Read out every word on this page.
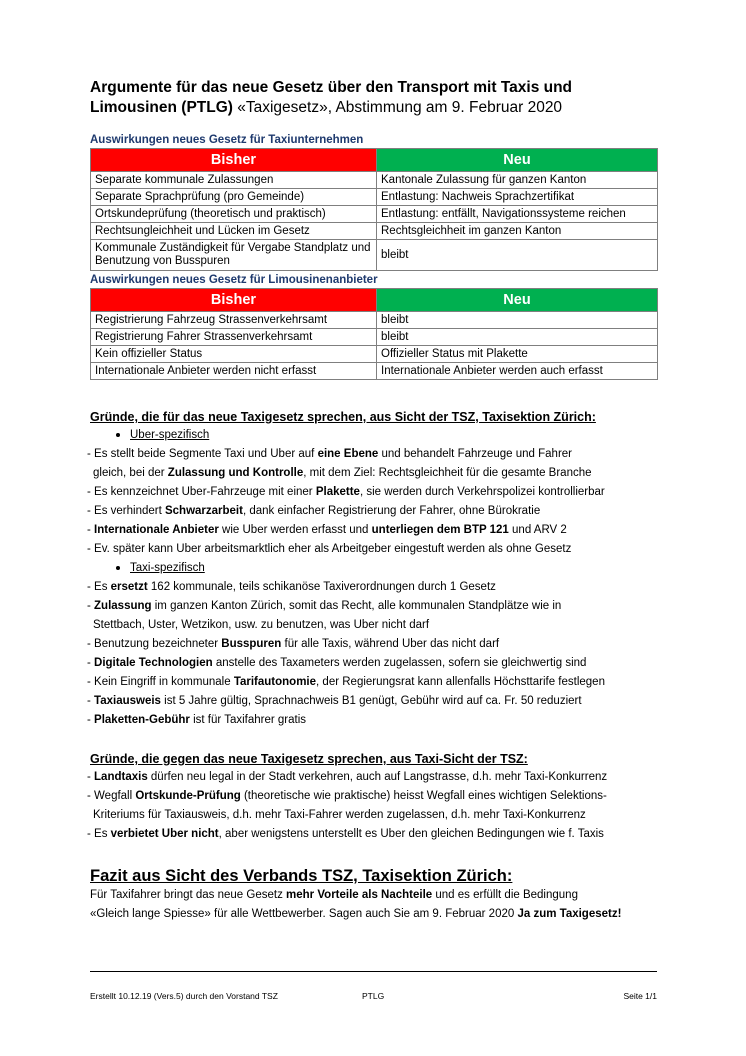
Argumente für das neue Gesetz über den Transport mit Taxis und Limousinen (PTLG) «Taxigesetz», Abstimmung am 9. Februar 2020

Auswirkungen neues Gesetz für Taxiunternehmen

Bisher	Neu
Separate kommunale Zulassungen	Kantonale Zulassung für ganzen Kanton
Separate Sprachprüfung (pro Gemeinde)	Entlastung: Nachweis Sprachzertifikat
Ortskundeprüfung (theoretisch und praktisch)	Entlastung: entfällt, Navigationssysteme reichen
Rechtsungleichheit und Lücken im Gesetz	Rechtsgleichheit im ganzen Kanton
Kommunale Zuständigkeit für Vergabe Standplatz und Benutzung von Busspuren	bleibt

Auswirkungen neues Gesetz für Limousinenanbieter

Bisher	Neu
Registrierung Fahrzeug Strassenverkehrsamt	bleibt
Registrierung Fahrer Strassenverkehrsamt	bleibt
Kein offizieller Status	Offizieller Status mit Plakette
Internationale Anbieter werden nicht erfasst	Internationale Anbieter werden auch erfasst

Gründe, die für das neue Taxigesetz sprechen, aus Sicht der TSZ, Taxisektion Zürich:

Uber-spezifisch
- Es stellt beide Segmente Taxi und Uber auf eine Ebene und behandelt Fahrzeuge und Fahrer
gleich, bei der Zulassung und Kontrolle, mit dem Ziel: Rechtsgleichheit für die gesamte Branche
- Es kennzeichnet Uber-Fahrzeuge mit einer Plakette, sie werden durch Verkehrspolizei kontrollierbar
- Es verhindert Schwarzarbeit, dank einfacher Registrierung der Fahrer, ohne Bürokratie
- Internationale Anbieter wie Uber werden erfasst und unterliegen dem BTP 121 und ARV 2
- Ev. später kann Uber arbeitsmarktlich eher als Arbeitgeber eingestuft werden als ohne Gesetz
Taxi-spezifisch
- Es ersetzt 162 kommunale, teils schikanöse Taxiverordnungen durch 1 Gesetz
- Zulassung im ganzen Kanton Zürich, somit das Recht, alle kommunalen Standplätze wie in
Stettbach, Uster, Wetzikon, usw. zu benutzen, was Uber nicht darf
- Benutzung bezeichneter Busspuren für alle Taxis, während Uber das nicht darf
- Digitale Technologien anstelle des Taxameters werden zugelassen, sofern sie gleichwertig sind
- Kein Eingriff in kommunale Tarifautonomie, der Regierungsrat kann allenfalls Höchsttarife festlegen
- Taxiausweis ist 5 Jahre gültig, Sprachnachweis B1 genügt, Gebühr wird auf ca. Fr. 50 reduziert
- Plaketten-Gebühr ist für Taxifahrer gratis

Gründe, die gegen das neue Taxigesetz sprechen, aus Taxi-Sicht der TSZ:

- Landtaxis dürfen neu legal in der Stadt verkehren, auch auf Langstrasse, d.h. mehr Taxi-Konkurrenz
- Wegfall Ortskunde-Prüfung (theoretische wie praktische) heisst Wegfall eines wichtigen Selektions-
Kriteriums für Taxiausweis, d.h. mehr Taxi-Fahrer werden zugelassen, d.h. mehr Taxi-Konkurrenz
- Es verbietet Uber nicht, aber wenigstens unterstellt es Uber den gleichen Bedingungen wie f. Taxis

Fazit aus Sicht des Verbands TSZ, Taxisektion Zürich:

Für Taxifahrer bringt das neue Gesetz mehr Vorteile als Nachteile und es erfüllt die Bedingung
«Gleich lange Spiesse» für alle Wettbewerber. Sagen auch Sie am 9. Februar 2020 Ja zum Taxigesetz!
Erstellt 10.12.19 (Vers.5) durch den Vorstand TSZ	PTLG	Seite 1/1
